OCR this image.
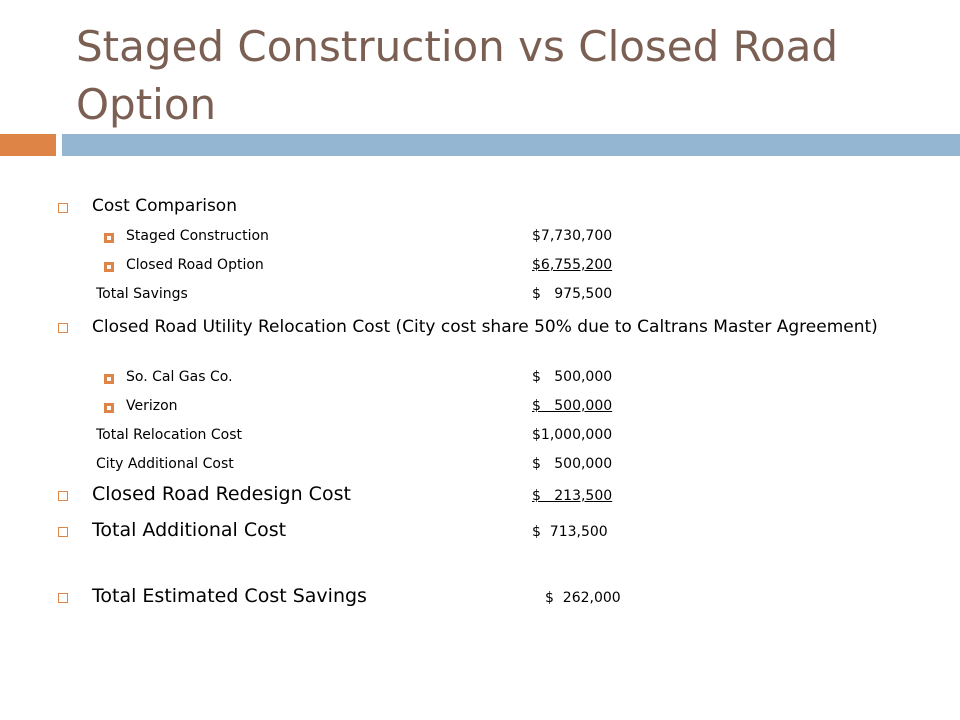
Staged Construction vs Closed Road Option
Cost Comparison
Staged Construction	$7,730,700
Closed Road Option	$6,755,200
Total Savings	$   975,500
Closed Road Utility Relocation Cost (City cost share 50% due to Caltrans Master Agreement)
So. Cal Gas Co.	$   500,000
Verizon	$   500,000
Total Relocation Cost	$1,000,000
City Additional Cost	$   500,000
Closed Road Redesign Cost	$   213,500
Total Additional Cost	$  713,500
Total Estimated Cost Savings	$  262,000
